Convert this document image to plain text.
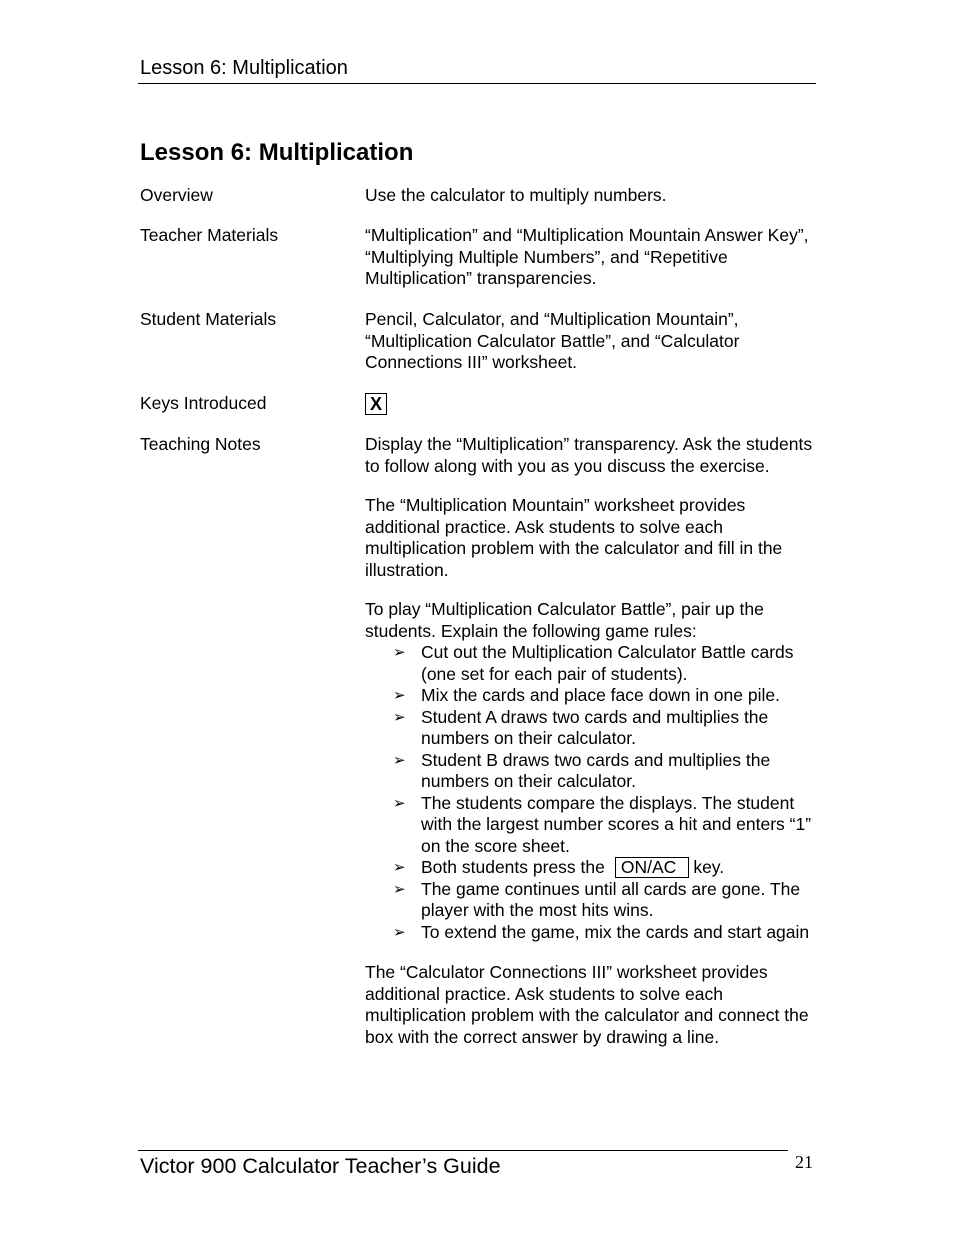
Lesson 6: Multiplication
Lesson 6: Multiplication
Overview	Use the calculator to multiply numbers.

Teacher Materials	“Multiplication” and “Multiplication Mountain Answer Key”, “Multiplying Multiple Numbers”, and “Repetitive Multiplication” transparencies.

Student Materials	Pencil, Calculator, and “Multiplication Mountain”, “Multiplication Calculator Battle”, and “Calculator Connections III” worksheet.

Keys Introduced	X
Teaching Notes	Display the “Multiplication” transparency. Ask the students to follow along with you as you discuss the exercise.

The “Multiplication Mountain” worksheet provides additional practice. Ask students to solve each multiplication problem with the calculator and fill in the illustration.

To play “Multiplication Calculator Battle”, pair up the students. Explain the following game rules:

➢ Cut out the Multiplication Calculator Battle cards (one set for each pair of students).
➢ Mix the cards and place face down in one pile.
➢ Student A draws two cards and multiplies the numbers on their calculator.
➢ Student B draws two cards and multiplies the numbers on their calculator.
➢ The students compare the displays. The student with the largest number scores a hit and enters “1” on the score sheet.
➢ Both students press the ON/AC key.
➢ The game continues until all cards are gone. The player with the most hits wins.
➢ To extend the game, mix the cards and start again

The “Calculator Connections III” worksheet provides additional practice. Ask students to solve each multiplication problem with the calculator and connect the box with the correct answer by drawing a line.

Victor 900 Calculator Teacher’s Guide	21
